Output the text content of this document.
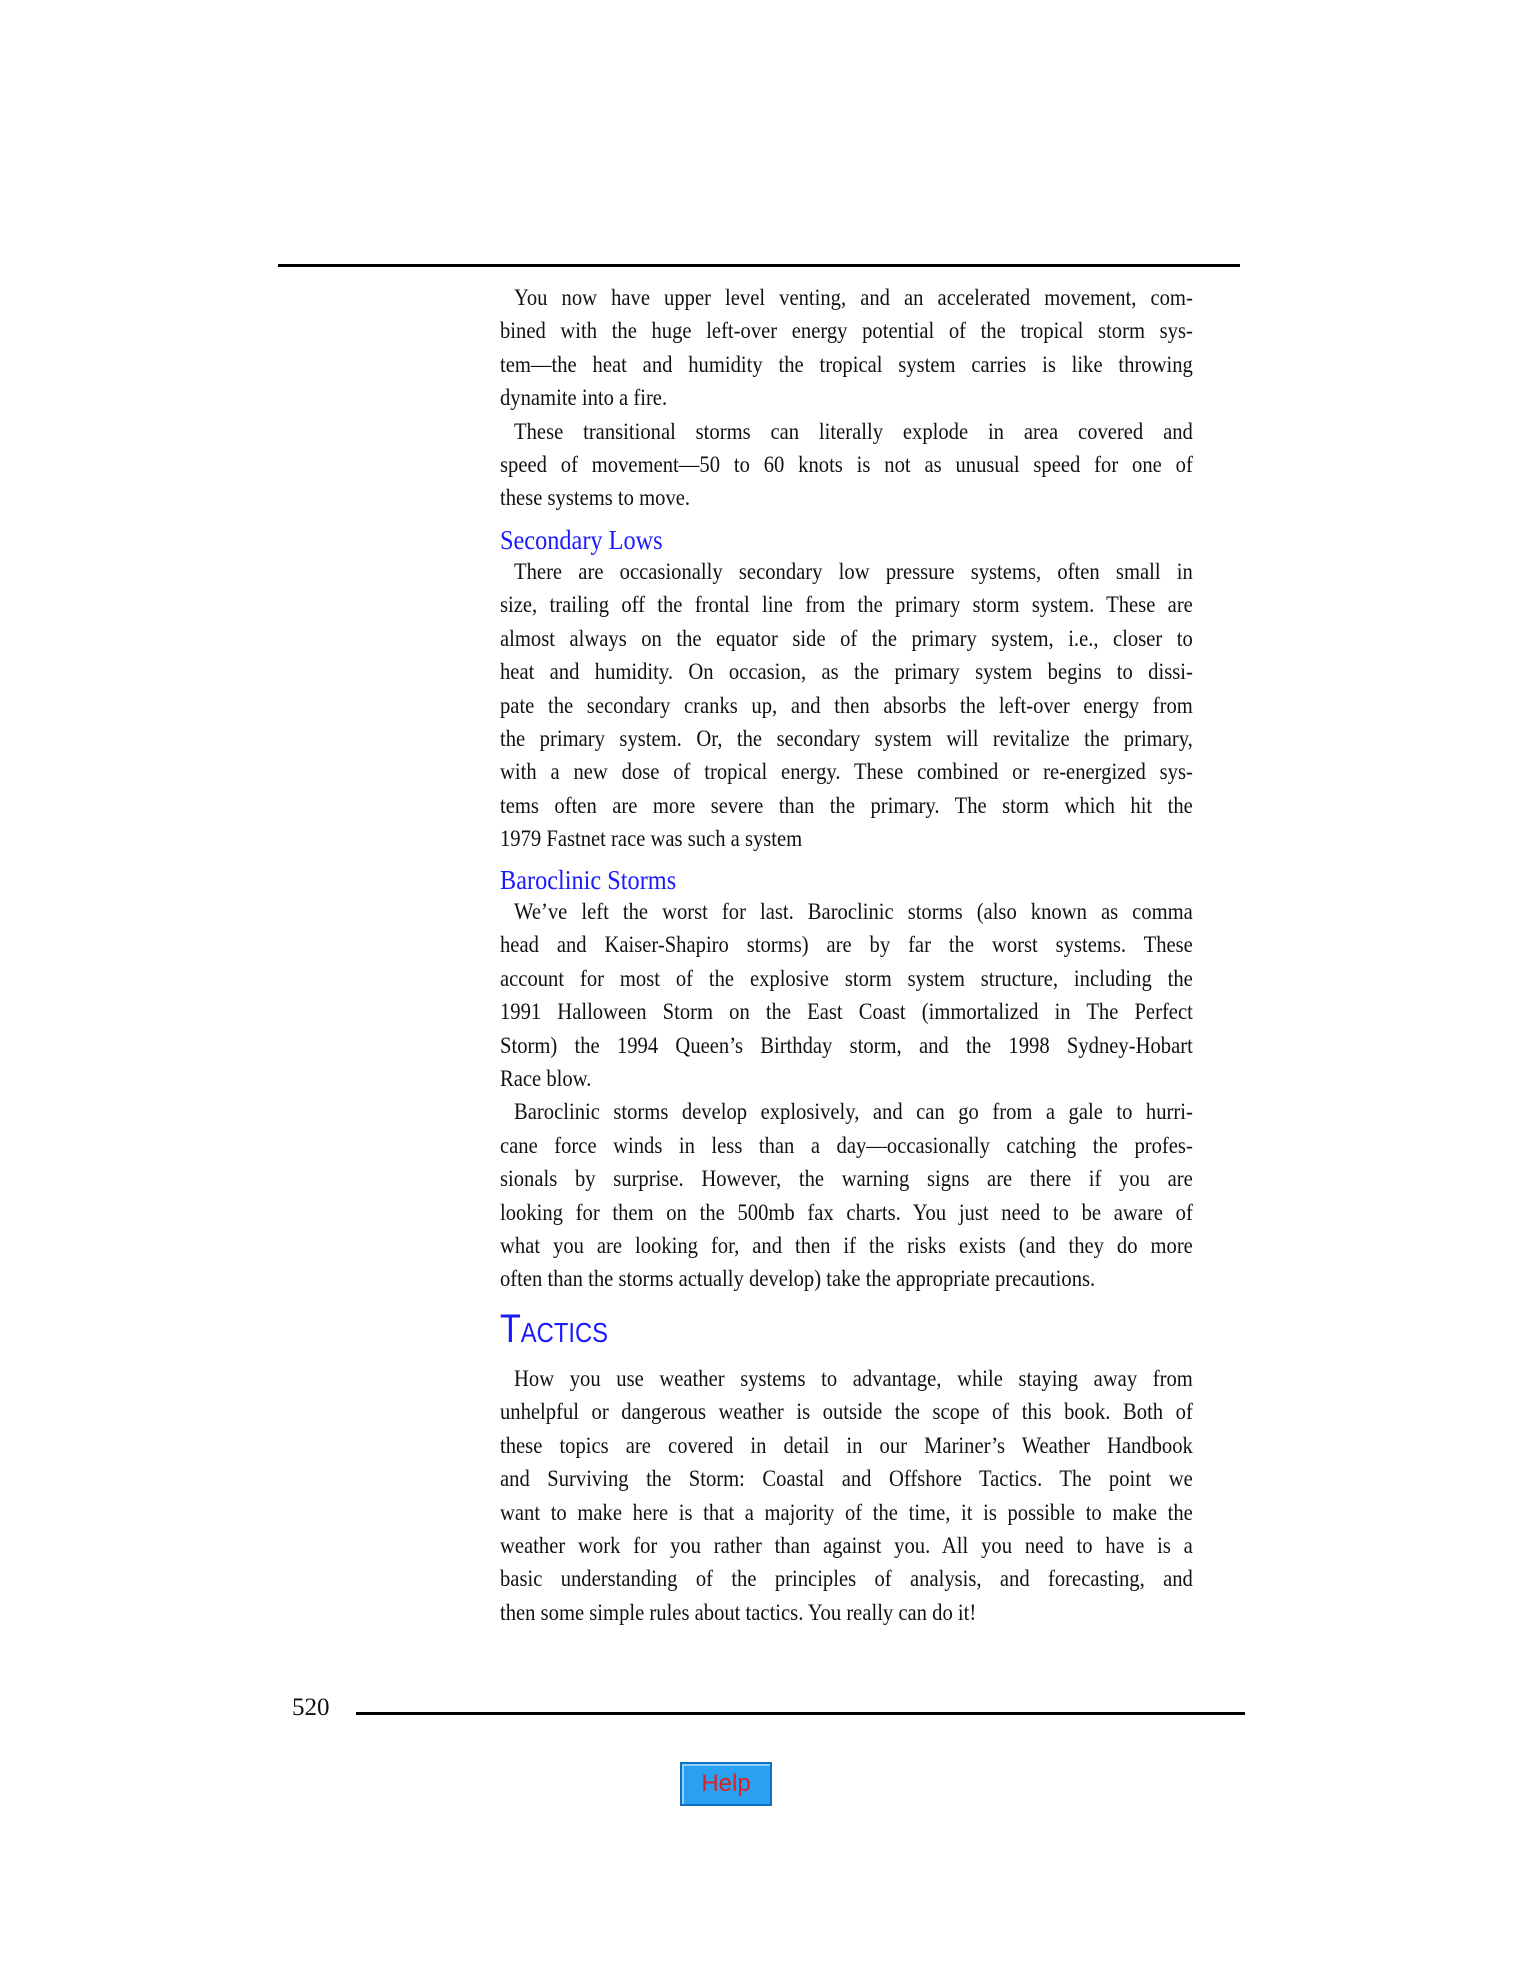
You now have upper level venting, and an accelerated movement, com-
bined with the huge left-over energy potential of the tropical storm sys-
tem—the heat and humidity the tropical system carries is like throwing
dynamite into a fire.
These transitional storms can literally explode in area covered and
speed of movement—50 to 60 knots is not as unusual speed for one of
these systems to move.
Secondary Lows
There are occasionally secondary low pressure systems, often small in
size, trailing off the frontal line from the primary storm system. These are
almost always on the equator side of the primary system, i.e., closer to
heat and humidity. On occasion, as the primary system begins to dissi-
pate the secondary cranks up, and then absorbs the left-over energy from
the primary system. Or, the secondary system will revitalize the primary,
with a new dose of tropical energy. These combined or re-energized sys-
tems often are more severe than the primary. The storm which hit the
1979 Fastnet race was such a system
Baroclinic Storms
We’ve left the worst for last. Baroclinic storms (also known as comma
head and Kaiser-Shapiro storms) are by far the worst systems. These
account for most of the explosive storm system structure, including the
1991 Halloween Storm on the East Coast (immortalized in The Perfect
Storm) the 1994 Queen’s Birthday storm, and the 1998 Sydney-Hobart
Race blow.
Baroclinic storms develop explosively, and can go from a gale to hurri-
cane force winds in less than a day—occasionally catching the profes-
sionals by surprise. However, the warning signs are there if you are
looking for them on the 500mb fax charts. You just need to be aware of
what you are looking for, and then if the risks exists (and they do more
often than the storms actually develop) take the appropriate precautions.
Tactics
How you use weather systems to advantage, while staying away from
unhelpful or dangerous weather is outside the scope of this book. Both of
these topics are covered in detail in our Mariner’s Weather Handbook
and Surviving the Storm: Coastal and Offshore Tactics. The point we
want to make here is that a majority of the time, it is possible to make the
weather work for you rather than against you. All you need to have is a
basic understanding of the principles of analysis, and forecasting, and
then some simple rules about tactics. You really can do it!
520
Help
